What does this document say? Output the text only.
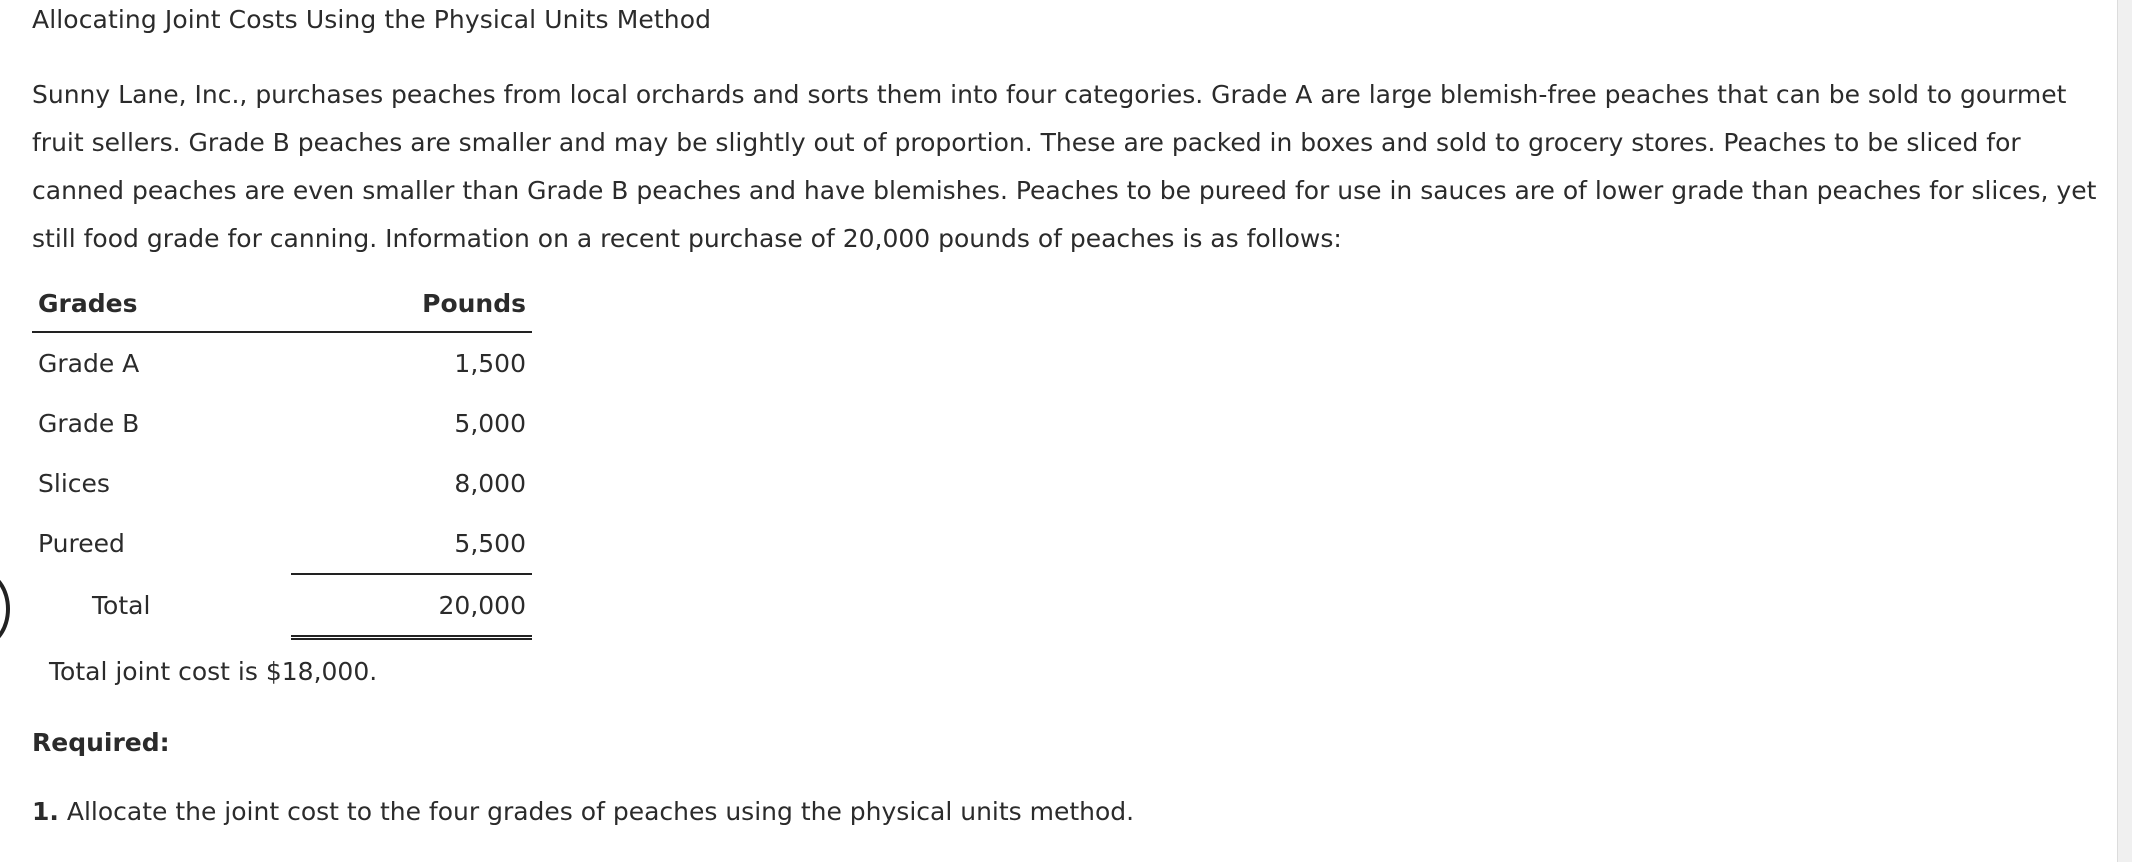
Allocating Joint Costs Using the Physical Units Method

Sunny Lane, Inc., purchases peaches from local orchards and sorts them into four categories. Grade A are large blemish-free peaches that can be sold to gourmet fruit sellers. Grade B peaches are smaller and may be slightly out of proportion. These are packed in boxes and sold to grocery stores. Peaches to be sliced for canned peaches are even smaller than Grade B peaches and have blemishes. Peaches to be pureed for use in sauces are of lower grade than peaches for slices, yet still food grade for canning. Information on a recent purchase of 20,000 pounds of peaches is as follows:

Grades	Pounds
Grade A	1,500
Grade B	5,000
Slices	8,000
Pureed	5,500
Total	20,000
Total joint cost is $18,000.
Required:
1. Allocate the joint cost to the four grades of peaches using the physical units method.
